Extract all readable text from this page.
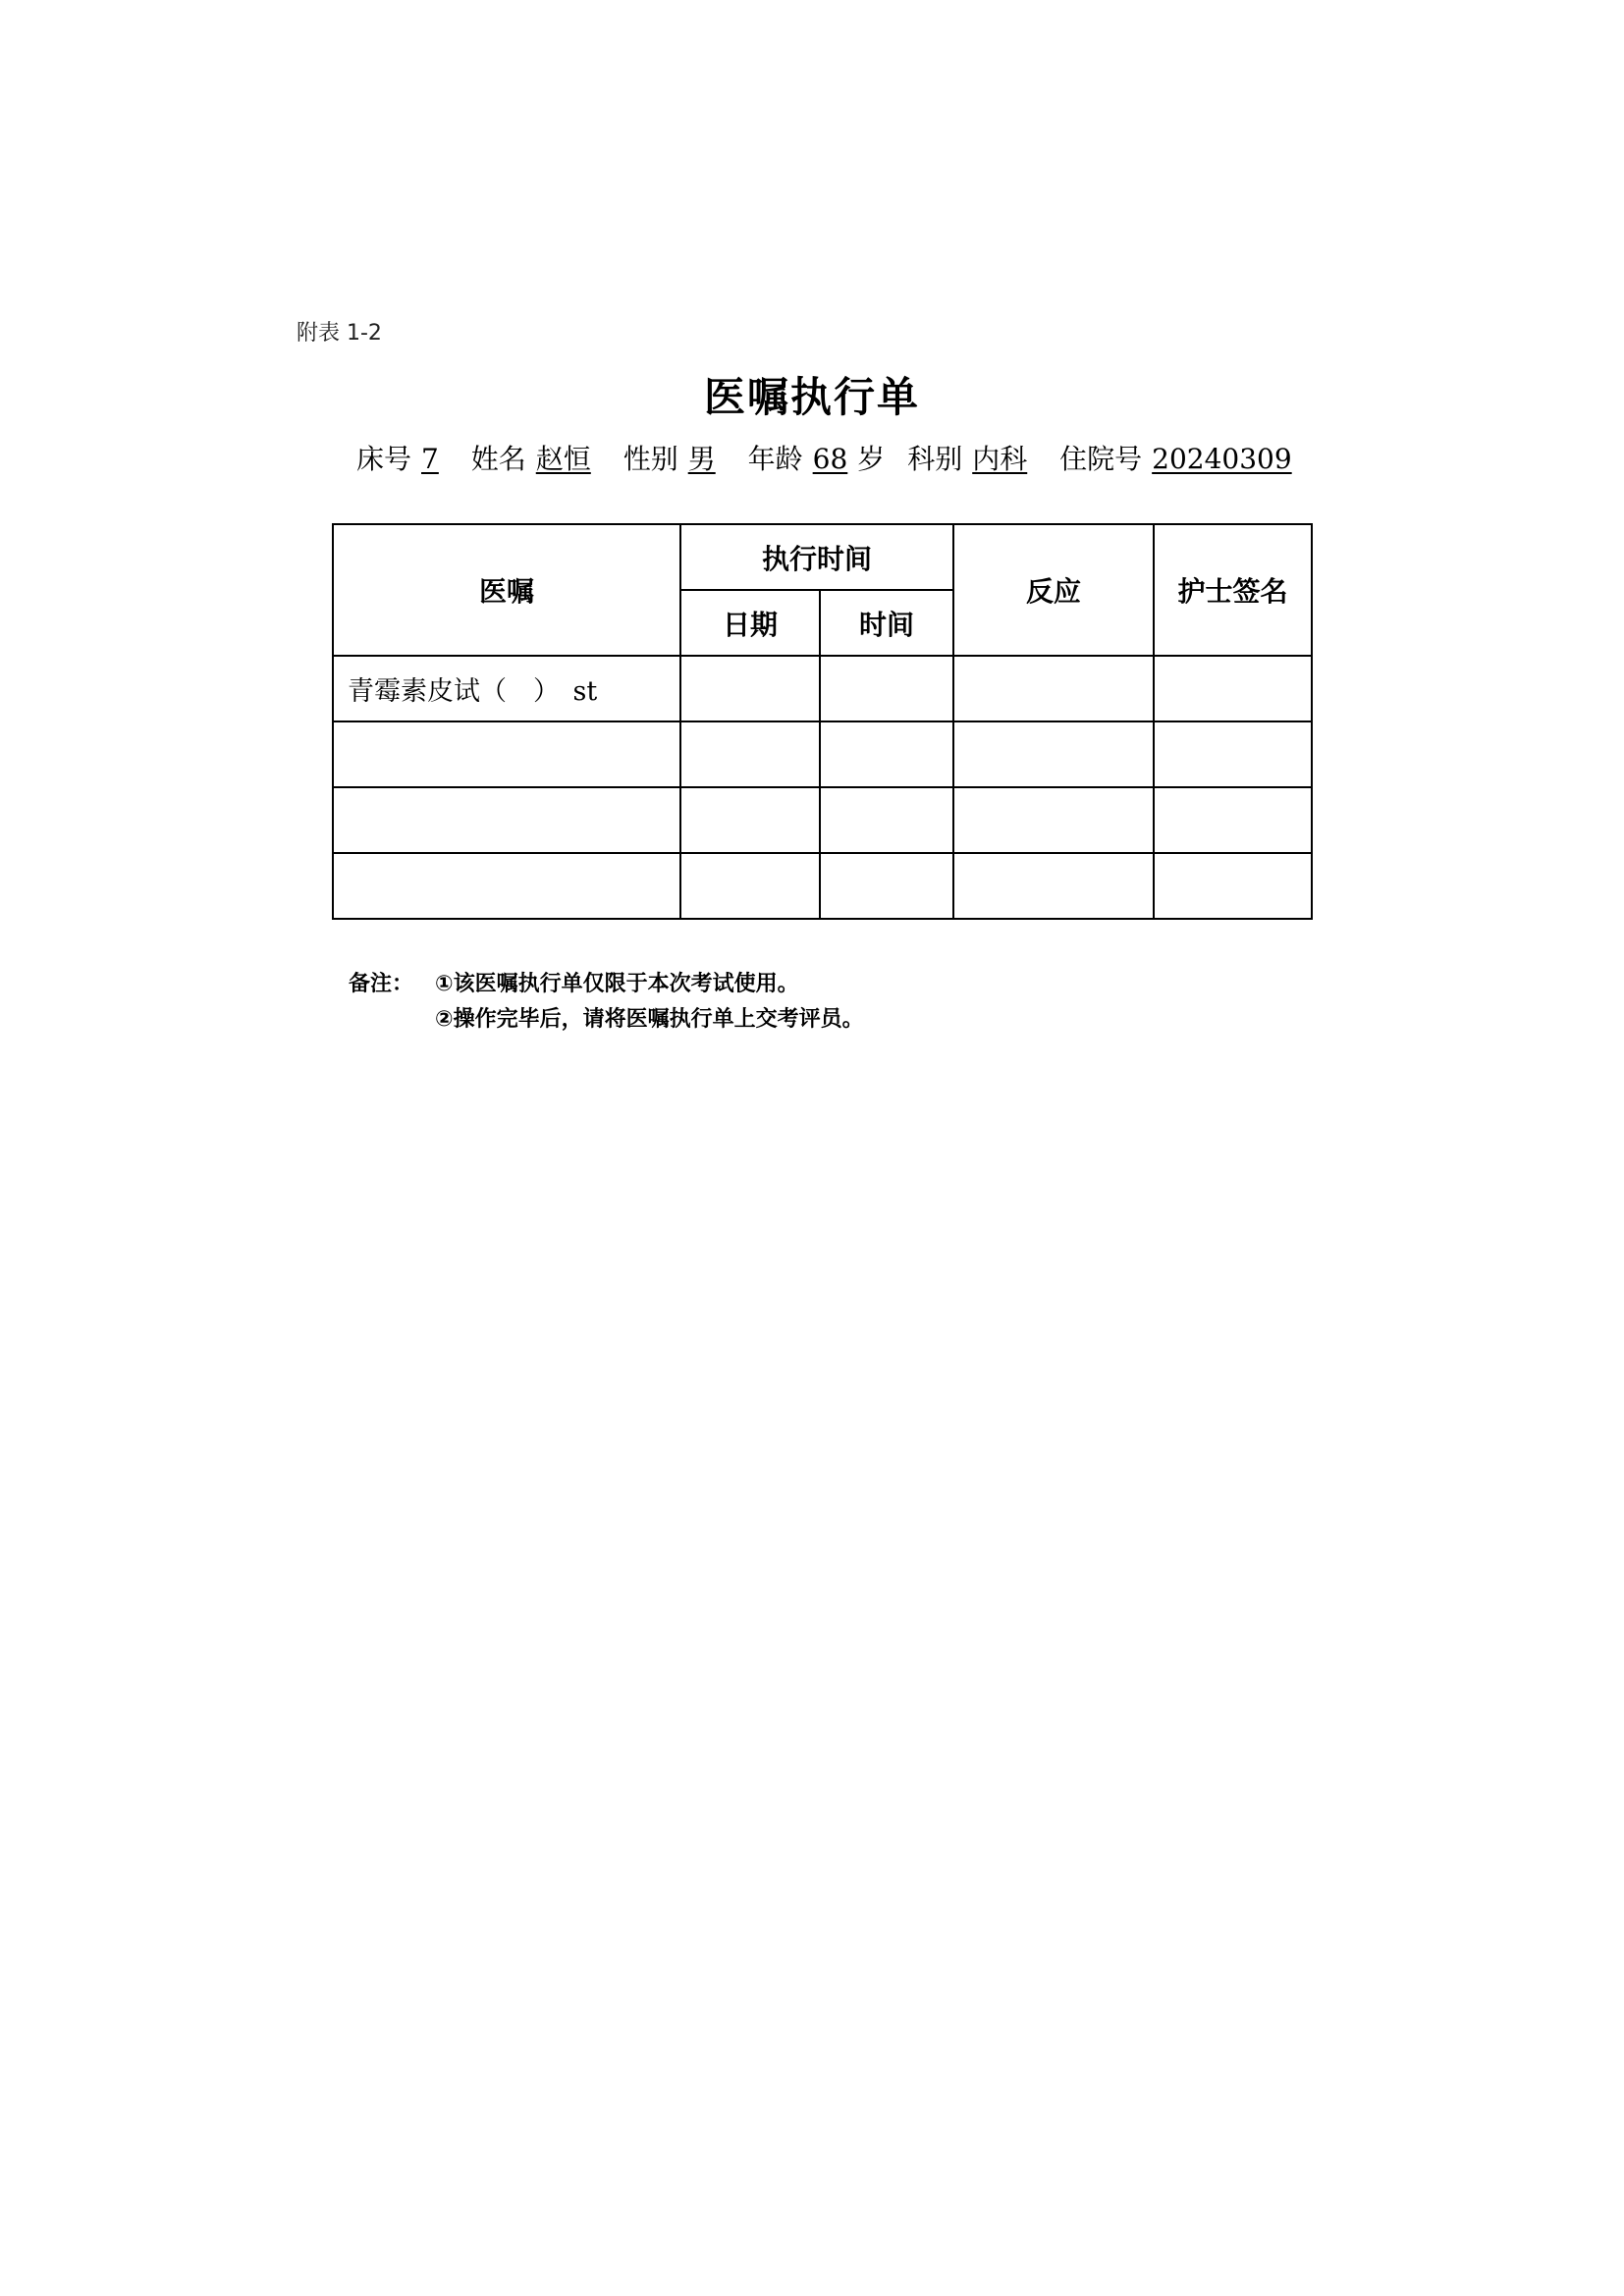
附表 1-2
医嘱执行单
床号 7 姓名 赵恒 性别 男 年龄 68 岁 科别 内科 住院号 20240309
医嘱	执行时间		反应	护士签名
	日期	时间		
青霉素皮试（　）　st				

备注： ①该医嘱执行单仅限于本次考试使用。
②操作完毕后，请将医嘱执行单上交考评员。
